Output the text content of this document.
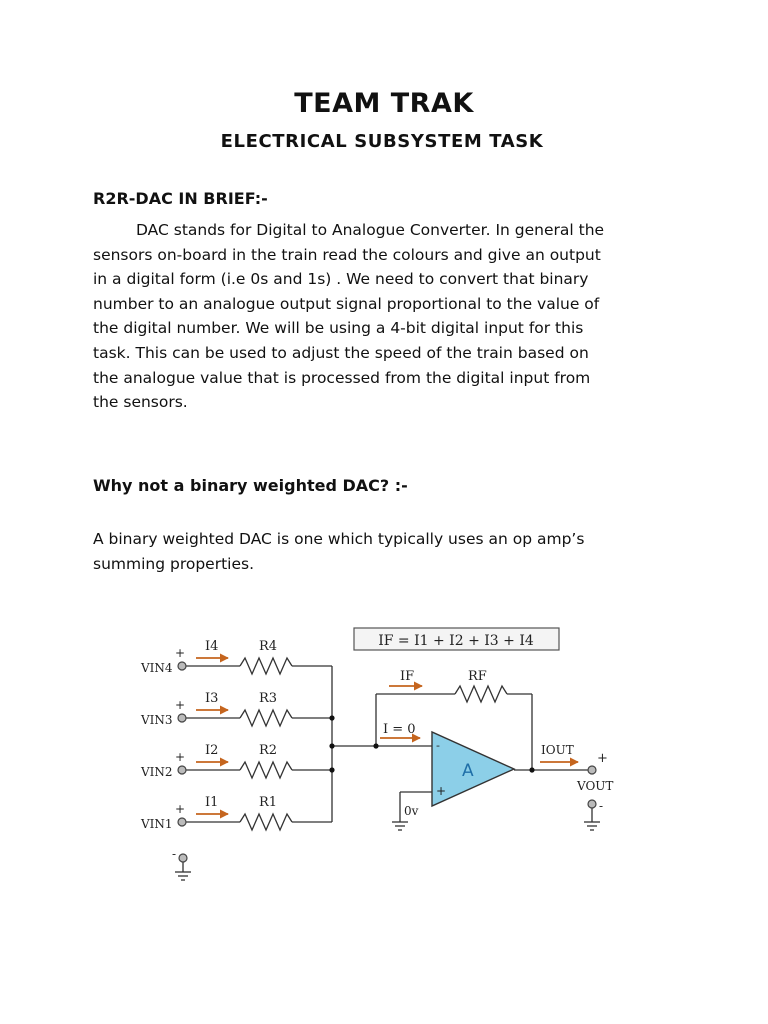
TEAM TRAK
ELECTRICAL SUBSYSTEM TASK
R2R-DAC IN BRIEF:-

DAC stands for Digital to Analogue Converter. In general the
sensors on-board in the train read the colours and give an output
in a digital form (i.e 0s and 1s) . We need to convert that binary
number to an analogue output signal proportional to the value of
the digital number. We will be using a 4-bit digital input for this
task. This can be used to adjust the speed of the train based on
the analogue value that is processed from the digital input from
the sensors.

Why not a binary weighted DAC? :-

A binary weighted DAC is one which typically uses an op amp’s
summing properties.

IF = I1 + I2 + I3 + I4
A
-
+
+
+
+
+
VIN4
VIN3
VIN2
VIN1
I4
I3
I2
I1
R4
R3
R2
R1
IF	RF
I = 0
0v
IOUT
+
VOUT
-
-
